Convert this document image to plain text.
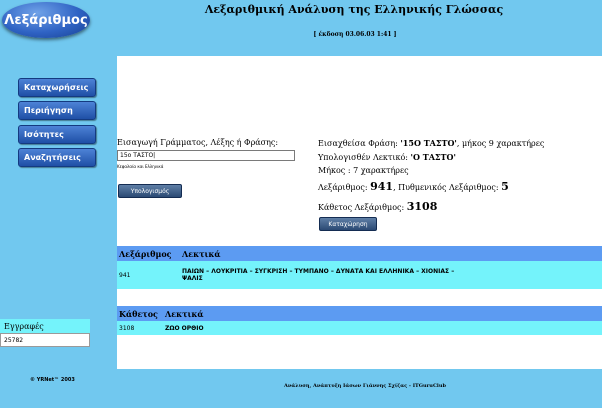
Λεξάριθμος
Λεξαριθμική Ανάλυση της Ελληνικής Γλώσσας
[ έκδοση 03.06.03 1:41 ]
Καταχωρήσεις
Περιήγηση
Ισότητες
Αναζητήσεις
Εισαγωγή Γράμματος, Λέξης ή Φράσης:
15ο ΤΑΣΤΟ|
Κεφαλαία και Ελληνικά
Υπολογισμός
Εισαχθείσα Φράση: '15Ο ΤΑΣΤΟ', μήκος 9 χαρακτήρες
Υπολογισθέν Λεκτικό: 'Ο ΤΑΣΤΟ'
Μήκος : 7 χαρακτήρες
Λεξάριθμος: 941, Πυθμενικός Λεξάριθμος: 5
Κάθετος Λεξάριθμος: 3108
Καταχώρηση
Λεξάριθμος	Λεκτικά
941	ΠΑΙΩΝ – ΛΟΥΚΡΙΤΙΑ – ΣΥΓΚΡΙΣΗ – ΤΥΜΠΑΝΟ – ΔΥΝΑΤΑ ΚΑΙ ΕΛΛΗΝΙΚΑ – ΧΙΟΝΙΑΣ –
ΨΑΛΙΣ
Κάθετος Λεκτικά
3108	ΖΩΟ ΟΡΘΙΟ
Εγγραφές
25782
© YRNet™ 2003
Ανάλυση, Ανάπτυξη Ιάσων Γιάννης Σχίζας - ITGuruClub
